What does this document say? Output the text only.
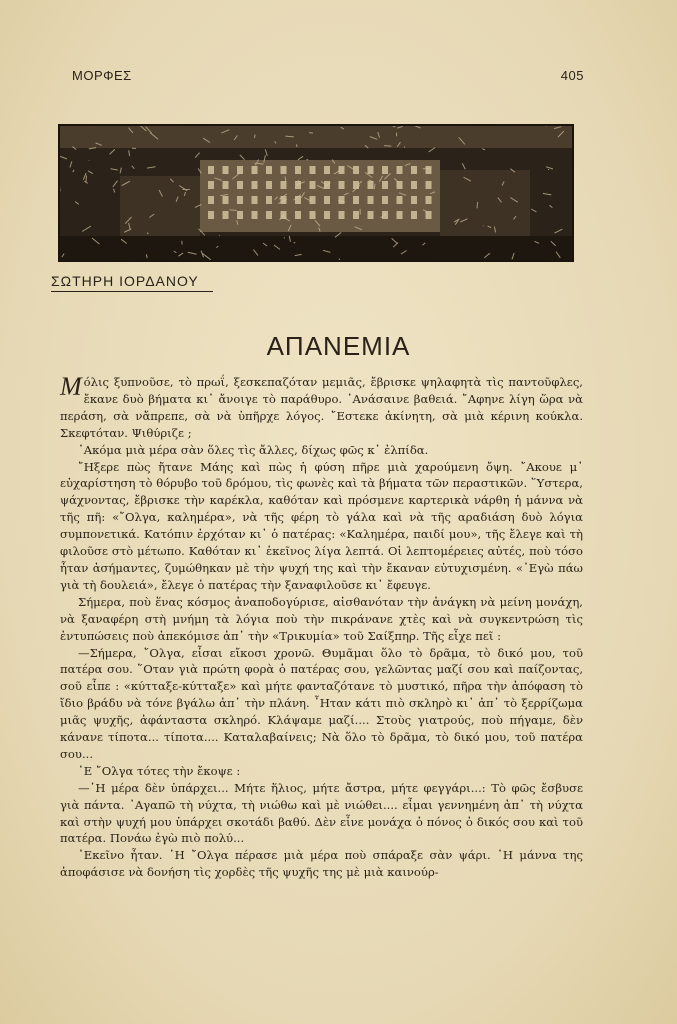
ΜΟΡΦΕΣ	405
ΣΩΤΗΡΗ ΙΟΡΔΑΝΟΥ
ΑΠΑΝΕΜΙΑ

Μόλις ξυπνοῦσε, τὸ πρωΐ, ξεσκεπαζόταν μεμιᾶς, ἔβρισκε ψηλαφητὰ τὶς παντοῦφλες, ἔκανε δυὸ βήματα κι᾽ ἄνοιγε τὸ παράθυρο. ᾿Ανάσαινε βαθειά. ῎Αφηνε λίγη ὥρα νὰ περάση, σὰ νἄπρεπε, σὰ νὰ ὑπῆρχε λόγος. ῎Εστεκε ἀκίνητη, σὰ μιὰ κέρινη κούκλα. Σκεφτόταν. Ψιθύριζε ;

᾿Ακόμα μιὰ μέρα σὰν ὅλες τὶς ἄλλες, δίχως φῶς κ᾽ ἐλπίδα.

῎Ηξερε πὼς ἤτανε Μάης καὶ πὼς ἡ φύση πῆρε μιὰ χαρούμενη ὄψη. ῎Ακουε μ᾽ εὐχαρίστηση τὸ θόρυβο τοῦ δρόμου, τὶς φωνὲς καὶ τὰ βήματα τῶν περαστικῶν. ῞Υστερα, ψάχνοντας, ἔβρισκε τὴν καρέκλα, καθόταν καὶ πρόσμενε καρτερικὰ νάρθη ἡ μάννα νὰ τῆς πῆ: «῎Ολγα, καλημέρα», νὰ τῆς φέρη τὸ γάλα καὶ νὰ τῆς αραδιάση δυὸ λόγια συμπονετικά. Κατόπιν ἐρχόταν κι᾽ ὁ πατέρας: «Καλημέρα, παιδί μου», τῆς ἔλεγε καὶ τὴ φιλοῦσε στὸ μέτωπο. Καθόταν κι᾽ ἐκεῖνος λίγα λεπτά. Οἱ λεπτομέρειες αὐτές, ποὺ τόσο ἦταν ἀσήμαντες, ζυμώθηκαν μὲ τὴν ψυχή της καὶ τὴν ἔκαναν εὐτυχισμένη. «᾿Εγὼ πάω γιὰ τὴ δουλειά», ἔλεγε ὁ πατέρας τὴν ξαναφιλοῦσε κι᾽ ἔφευγε.

Σήμερα, ποὺ ἕνας κόσμος ἀναποδογύρισε, αἰσθανόταν τὴν ἀνάγκη νὰ μείνη μονάχη, νὰ ξαναφέρη στὴ μνήμη τὰ λόγια ποὺ τὴν πικράνανε χτὲς καὶ νὰ συγκεντρώση τὶς ἐντυπώσεις ποὺ ἀπεκόμισε ἀπ᾽ τὴν «Τρικυμία» τοῦ Σαίξπηρ. Τῆς εἶχε πεῖ :

—Σήμερα, ῎Ολγα, εἶσαι εἴκοσι χρονῶ. Θυμᾶμαι ὅλο τὸ δρᾶμα, τὸ δικό μου, τοῦ πατέρα σου. ῞Οταν γιὰ πρώτη φορὰ ὁ πατέρας σου, γελῶντας μαζί σου καὶ παίζοντας, σοῦ εἶπε : «κύτταξε-κύτταξε» καὶ μήτε φανταζότανε τὸ μυστικό, πῆρα τὴν ἀπόφαση τὸ ἴδιο βράδυ νὰ τόνε βγάλω ἀπ᾽ τὴν πλάνη. ῏Ηταν κάτι πιὸ σκληρὸ κι᾽ ἀπ᾽ τὸ ξερρίζωμα μιᾶς ψυχῆς, ἀφάνταστα σκληρό. Κλάψαμε μαζί.... Στοὺς γιατρούς, ποὺ πήγαμε, δὲν κάνανε τίποτα... τίποτα.... Καταλαβαίνεις; Νὰ ὅλο τὸ δρᾶμα, τὸ δικό μου, τοῦ πατέρα σου...

῾Ε ῎Ολγα τότες τὴν ἔκοψε :

—῾Η μέρα δὲν ὑπάρχει... Μήτε ἥλιος, μήτε ἄστρα, μήτε φεγγάρι...: Τὸ φῶς ἔσβυσε γιὰ πάντα. ᾿Αγαπῶ τὴ νύχτα, τὴ νιώθω καὶ μὲ νιώθει.... εἶμαι γεννημένη ἀπ᾽ τὴ νύχτα καὶ στὴν ψυχή μου ὑπάρχει σκοτάδι βαθύ. Δὲν εἶνε μονάχα ὁ πόνος ὁ δικός σου καὶ τοῦ πατέρα. Πονάω ἐγὼ πιὸ πολύ...

᾿Εκεῖνο ἦταν. ῾Η ῎Ολγα πέρασε μιὰ μέρα ποὺ σπάραξε σὰν ψάρι. ῾Η μάννα της ἀποφάσισε νὰ δονήση τὶς χορδὲς τῆς ψυχῆς της μὲ μιὰ καινούρ-
